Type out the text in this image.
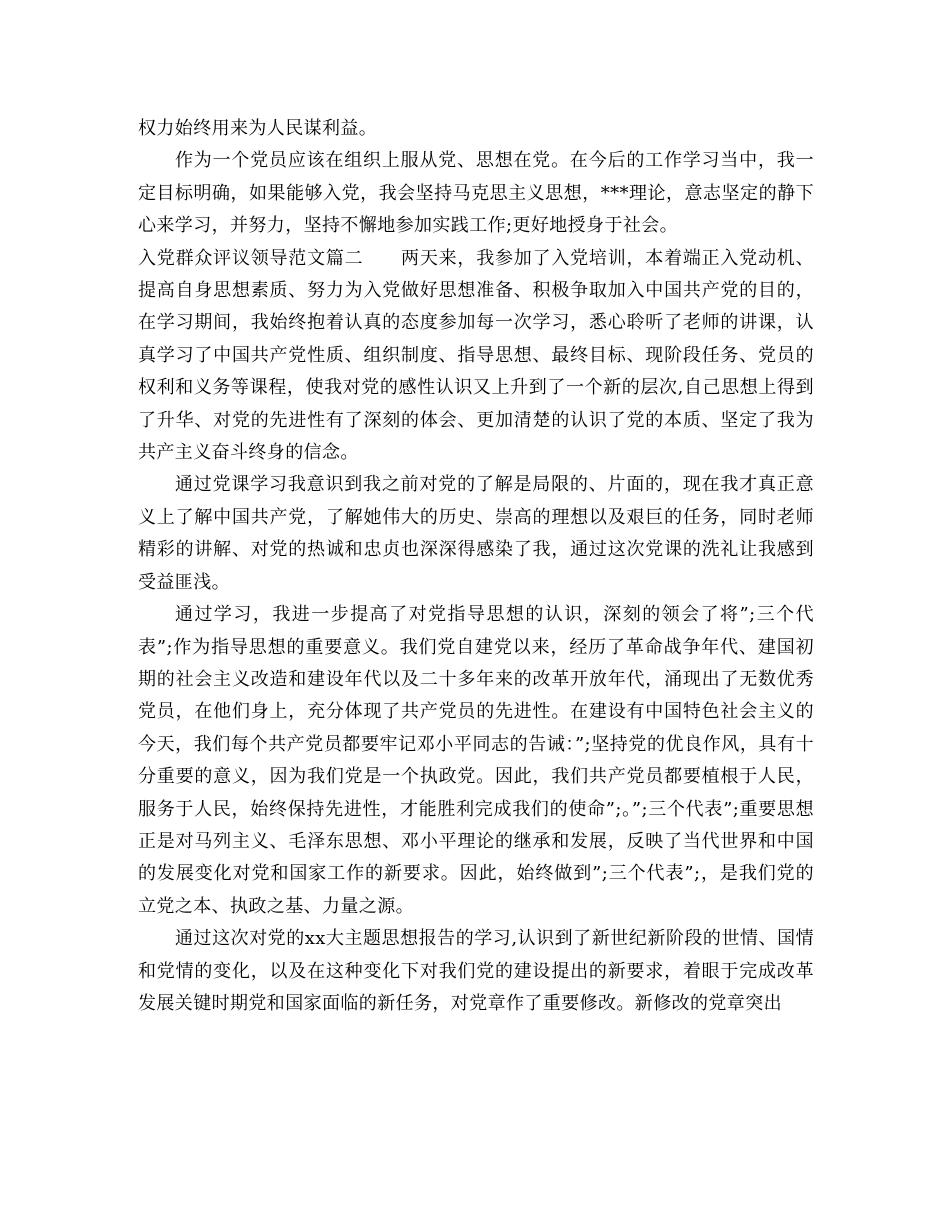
权力始终用来为人民谋利益。

作为一个党员应该在组织上服从党、思想在党。在今后的工作学习当中，我一定目标明确，如果能够入党，我会坚持马克思主义思想，***理论，意志坚定的静下心来学习，并努力，坚持不懈地参加实践工作;更好地授身于社会。

入党群众评议领导范文篇二　　两天来，我参加了入党培训，本着端正入党动机、提高自身思想素质、努力为入党做好思想准备、积极争取加入中国共产党的目的，在学习期间，我始终抱着认真的态度参加每一次学习，悉心聆听了老师的讲课，认真学习了中国共产党性质、组织制度、指导思想、最终目标、现阶段任务、党员的权利和义务等课程，使我对党的感性认识又上升到了一个新的层次,自己思想上得到了升华、对党的先进性有了深刻的体会、更加清楚的认识了党的本质、坚定了我为共产主义奋斗终身的信念。

通过党课学习我意识到我之前对党的了解是局限的、片面的，现在我才真正意义上了解中国共产党，了解她伟大的历史、崇高的理想以及艰巨的任务，同时老师精彩的讲解、对党的热诚和忠贞也深深得感染了我，通过这次党课的洗礼让我感到受益匪浅。

通过学习，我进一步提高了对党指导思想的认识，深刻的领会了将”;三个代表”;作为指导思想的重要意义。我们党自建党以来，经历了革命战争年代、建国初期的社会主义改造和建设年代以及二十多年来的改革开放年代，涌现出了无数优秀党员，在他们身上，充分体现了共产党员的先进性。在建设有中国特色社会主义的今天，我们每个共产党员都要牢记邓小平同志的告诫：”;坚持党的优良作风，具有十分重要的意义，因为我们党是一个执政党。因此，我们共产党员都要植根于人民，服务于人民，始终保持先进性，才能胜利完成我们的使命”;。”;三个代表”;重要思想正是对马列主义、毛泽东思想、邓小平理论的继承和发展，反映了当代世界和中国的发展变化对党和国家工作的新要求。因此，始终做到”;三个代表”;，是我们党的立党之本、执政之基、力量之源。

通过这次对党的xx大主题思想报告的学习,认识到了新世纪新阶段的世情、国情和党情的变化，以及在这种变化下对我们党的建设提出的新要求，着眼于完成改革发展关键时期党和国家面临的新任务，对党章作了重要修改。新修改的党章突出
